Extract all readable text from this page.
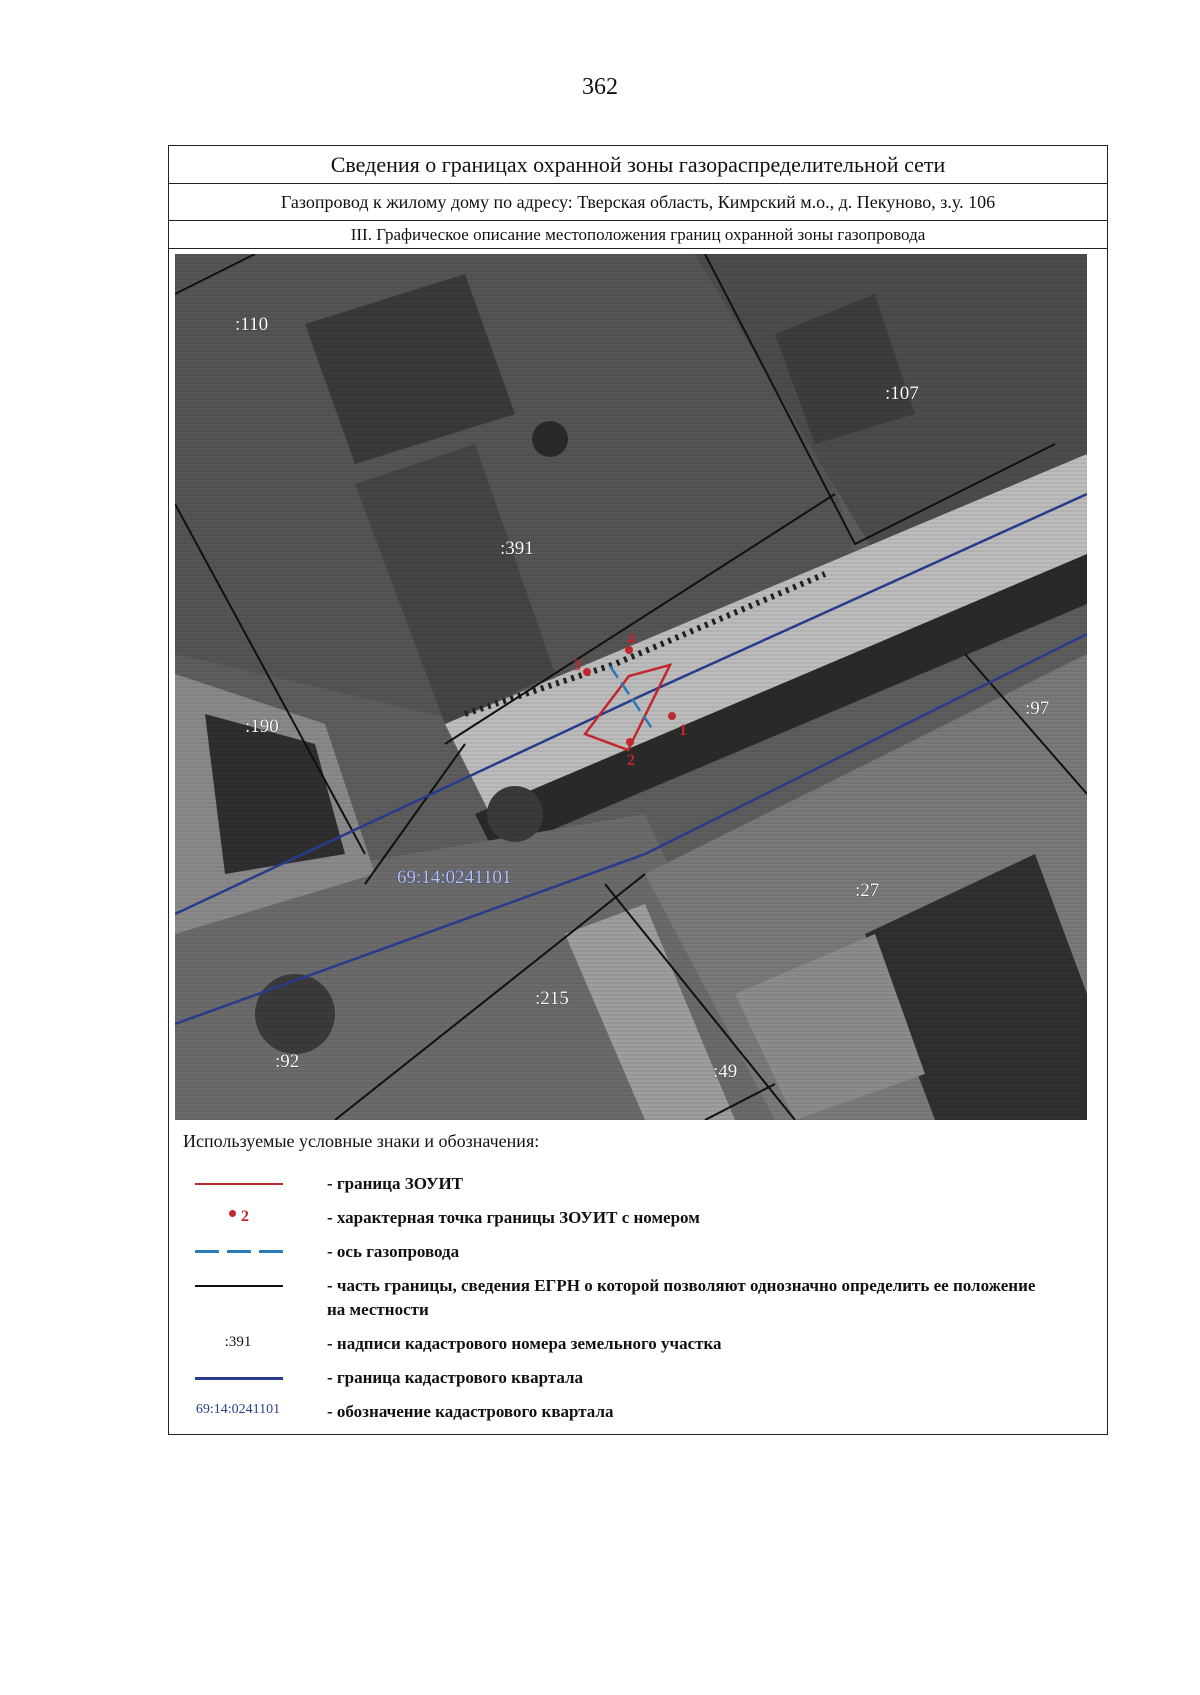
362
Сведения о границах охранной зоны газораспределительной сети
Газопровод к жилому дому по адресу: Тверская область, Кимрский м.о., д. Пекуново, з.у. 106
III. Графическое описание местоположения границ охранной зоны газопровода
1
2
3
4
:110
:107
:391
:190
:97
:27
:215
:92	:49
69:14:0241101
Используемые условные знаки и обозначения:
- граница ЗОУИТ
2	- характерная точка границы ЗОУИТ с номером
- ось газопровода
- часть границы, сведения ЕГРН о которой позволяют однозначно определить ее положение на местности
:391	- надписи кадастрового номера земельного участка
- граница кадастрового квартала
69:14:0241101	- обозначение кадастрового квартала
